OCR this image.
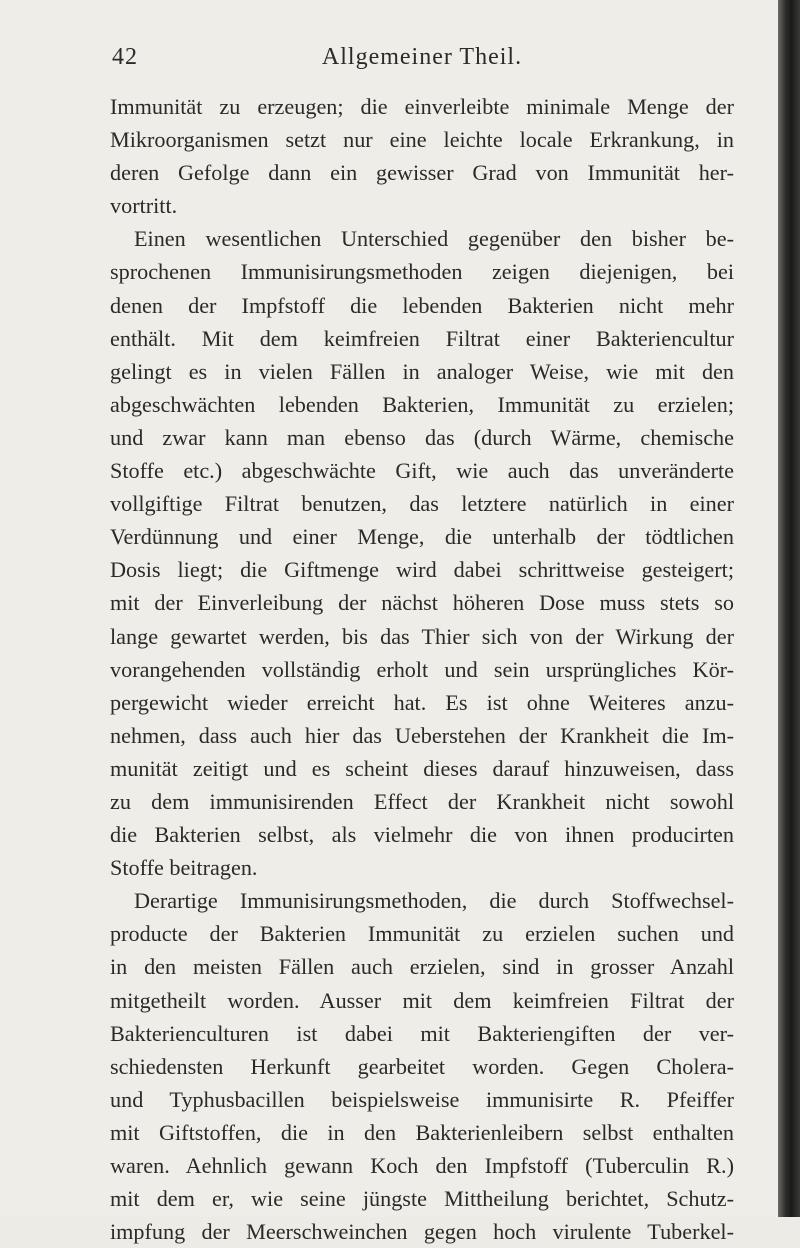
42	Allgemeiner Theil.
Immunität zu erzeugen; die einverleibte minimale Menge der
Mikroorganismen setzt nur eine leichte locale Erkrankung, in
deren Gefolge dann ein gewisser Grad von Immunität her-
vortritt.
Einen wesentlichen Unterschied gegenüber den bisher be-
sprochenen Immunisirungsmethoden zeigen diejenigen, bei
denen der Impfstoff die lebenden Bakterien nicht mehr
enthält. Mit dem keimfreien Filtrat einer Bakteriencultur
gelingt es in vielen Fällen in analoger Weise, wie mit den
abgeschwächten lebenden Bakterien, Immunität zu erzielen;
und zwar kann man ebenso das (durch Wärme, chemische
Stoffe etc.) abgeschwächte Gift, wie auch das unveränderte
vollgiftige Filtrat benutzen, das letztere natürlich in einer
Verdünnung und einer Menge, die unterhalb der tödtlichen
Dosis liegt; die Giftmenge wird dabei schrittweise gesteigert;
mit der Einverleibung der nächst höheren Dose muss stets so
lange gewartet werden, bis das Thier sich von der Wirkung der
vorangehenden vollständig erholt und sein ursprüngliches Kör-
pergewicht wieder erreicht hat. Es ist ohne Weiteres anzu-
nehmen, dass auch hier das Ueberstehen der Krankheit die Im-
munität zeitigt und es scheint dieses darauf hinzuweisen, dass
zu dem immunisirenden Effect der Krankheit nicht sowohl
die Bakterien selbst, als vielmehr die von ihnen producirten
Stoffe beitragen.
Derartige Immunisirungsmethoden, die durch Stoffwechsel-
producte der Bakterien Immunität zu erzielen suchen und
in den meisten Fällen auch erzielen, sind in grosser Anzahl
mitgetheilt worden. Ausser mit dem keimfreien Filtrat der
Bakterienculturen ist dabei mit Bakteriengiften der ver-
schiedensten Herkunft gearbeitet worden. Gegen Cholera-
und Typhusbacillen beispielsweise immunisirte R. Pfeiffer
mit Giftstoffen, die in den Bakterienleibern selbst enthalten
waren. Aehnlich gewann Koch den Impfstoff (Tuberculin R.)
mit dem er, wie seine jüngste Mittheilung berichtet, Schutz-
impfung der Meerschweinchen gegen hoch virulente Tuberkel-
